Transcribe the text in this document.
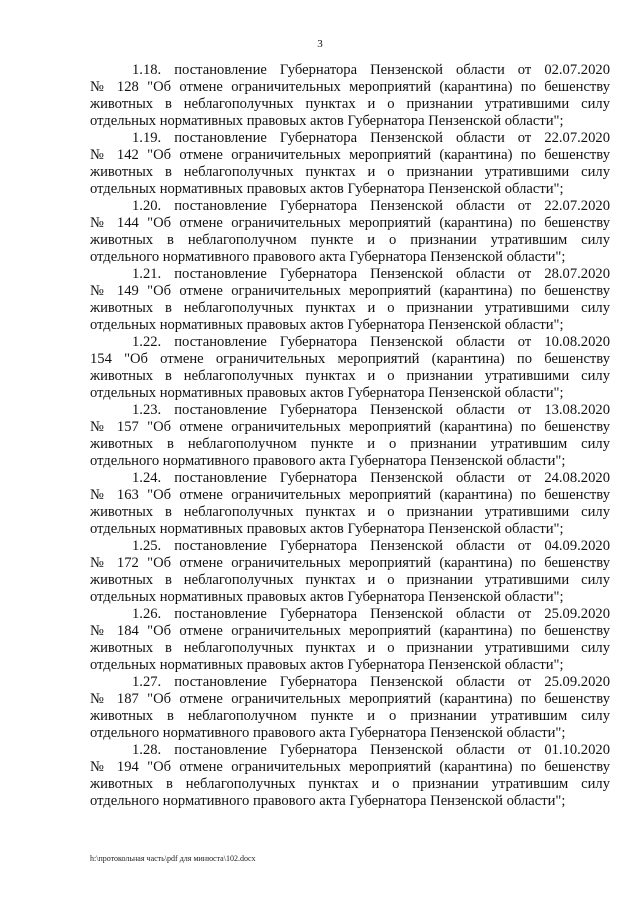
3
1.18. постановление Губернатора Пензенской области от 02.07.2020
№ 128 "Об отмене ограничительных мероприятий (карантина) по бешенству
животных в неблагополучных пунктах и о признании утратившими силу
отдельных нормативных правовых актов Губернатора Пензенской области";
1.19. постановление Губернатора Пензенской области от 22.07.2020
№ 142 "Об отмене ограничительных мероприятий (карантина) по бешенству
животных в неблагополучных пунктах и о признании утратившими силу
отдельных нормативных правовых актов Губернатора Пензенской области";
1.20. постановление Губернатора Пензенской области от 22.07.2020
№ 144 "Об отмене ограничительных мероприятий (карантина) по бешенству
животных в неблагополучном пункте и о признании утратившим силу
отдельного нормативного правового акта Губернатора Пензенской области";
1.21. постановление Губернатора Пензенской области от 28.07.2020
№ 149 "Об отмене ограничительных мероприятий (карантина) по бешенству
животных в неблагополучных пунктах и о признании утратившими силу
отдельных нормативных правовых актов Губернатора Пензенской области";
1.22. постановление Губернатора Пензенской области от 10.08.2020
154 "Об отмене ограничительных мероприятий (карантина) по бешенству
животных в неблагополучных пунктах и о признании утратившими силу
отдельных нормативных правовых актов Губернатора Пензенской области";
1.23. постановление Губернатора Пензенской области от 13.08.2020
№ 157 "Об отмене ограничительных мероприятий (карантина) по бешенству
животных в неблагополучном пункте и о признании утратившим силу
отдельного нормативного правового акта Губернатора Пензенской области";
1.24. постановление Губернатора Пензенской области от 24.08.2020
№ 163 "Об отмене ограничительных мероприятий (карантина) по бешенству
животных в неблагополучных пунктах и о признании утратившими силу
отдельных нормативных правовых актов Губернатора Пензенской области";
1.25. постановление Губернатора Пензенской области от 04.09.2020
№ 172 "Об отмене ограничительных мероприятий (карантина) по бешенству
животных в неблагополучных пунктах и о признании утратившими силу
отдельных нормативных правовых актов Губернатора Пензенской области";
1.26. постановление Губернатора Пензенской области от 25.09.2020
№ 184 "Об отмене ограничительных мероприятий (карантина) по бешенству
животных в неблагополучных пунктах и о признании утратившими силу
отдельных нормативных правовых актов Губернатора Пензенской области";
1.27. постановление Губернатора Пензенской области от 25.09.2020
№ 187 "Об отмене ограничительных мероприятий (карантина) по бешенству
животных в неблагополучном пункте и о признании утратившим силу
отдельного нормативного правового акта Губернатора Пензенской области";
1.28. постановление Губернатора Пензенской области от 01.10.2020
№ 194 "Об отмене ограничительных мероприятий (карантина) по бешенству
животных в неблагополучных пунктах и о признании утратившим силу
отдельного нормативного правового акта Губернатора Пензенской области";
h:\протокольная часть\pdf для минюста\102.docx
